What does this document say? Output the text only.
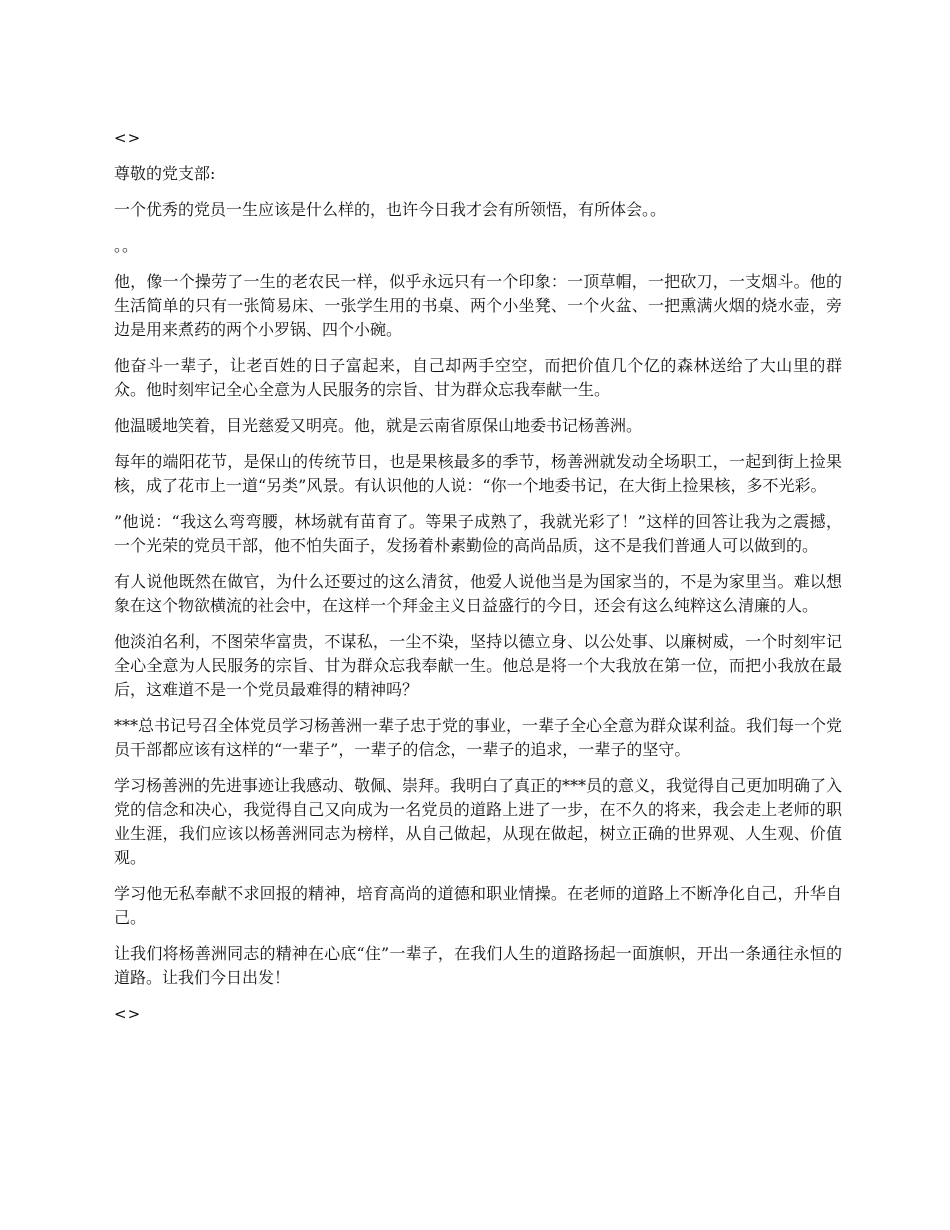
<>

尊敬的党支部:

一个优秀的党员一生应该是什么样的，也许今日我才会有所领悟，有所体会。。

。。

他，像一个操劳了一生的老农民一样，似乎永远只有一个印象：一顶草帽，一把砍刀，一支烟斗。他的生活简单的只有一张简易床、一张学生用的书桌、两个小坐凳、一个火盆、一把熏满火烟的烧水壶，旁边是用来煮药的两个小罗锅、四个小碗。

他奋斗一辈子，让老百姓的日子富起来，自己却两手空空，而把价值几个亿的森林送给了大山里的群众。他时刻牢记全心全意为人民服务的宗旨、甘为群众忘我奉献一生。

他温暖地笑着，目光慈爱又明亮。他，就是云南省原保山地委书记杨善洲。

每年的端阳花节，是保山的传统节日，也是果核最多的季节，杨善洲就发动全场职工，一起到街上捡果核，成了花市上一道“另类”风景。有认识他的人说：“你一个地委书记，在大街上捡果核，多不光彩。

”他说：“我这么弯弯腰，林场就有苗育了。等果子成熟了，我就光彩了！”这样的回答让我为之震撼，一个光荣的党员干部，他不怕失面子，发扬着朴素勤俭的高尚品质，这不是我们普通人可以做到的。

有人说他既然在做官，为什么还要过的这么清贫，他爱人说他当是为国家当的，不是为家里当。难以想象在这个物欲横流的社会中，在这样一个拜金主义日益盛行的今日，还会有这么纯粹这么清廉的人。

他淡泊名利，不图荣华富贵，不谋私，一尘不染，坚持以德立身、以公处事、以廉树威，一个时刻牢记全心全意为人民服务的宗旨、甘为群众忘我奉献一生。他总是将一个大我放在第一位，而把小我放在最后，这难道不是一个党员最难得的精神吗？

***总书记号召全体党员学习杨善洲一辈子忠于党的事业，一辈子全心全意为群众谋利益。我们每一个党员干部都应该有这样的“一辈子”，一辈子的信念，一辈子的追求，一辈子的坚守。

学习杨善洲的先进事迹让我感动、敬佩、崇拜。我明白了真正的***员的意义，我觉得自己更加明确了入党的信念和决心，我觉得自己又向成为一名党员的道路上进了一步，在不久的将来，我会走上老师的职业生涯，我们应该以杨善洲同志为榜样，从自己做起，从现在做起，树立正确的世界观、人生观、价值观。

学习他无私奉献不求回报的精神，培育高尚的道德和职业情操。在老师的道路上不断净化自己，升华自己。

让我们将杨善洲同志的精神在心底“住”一辈子，在我们人生的道路扬起一面旗帜，开出一条通往永恒的道路。让我们今日出发！

<>
